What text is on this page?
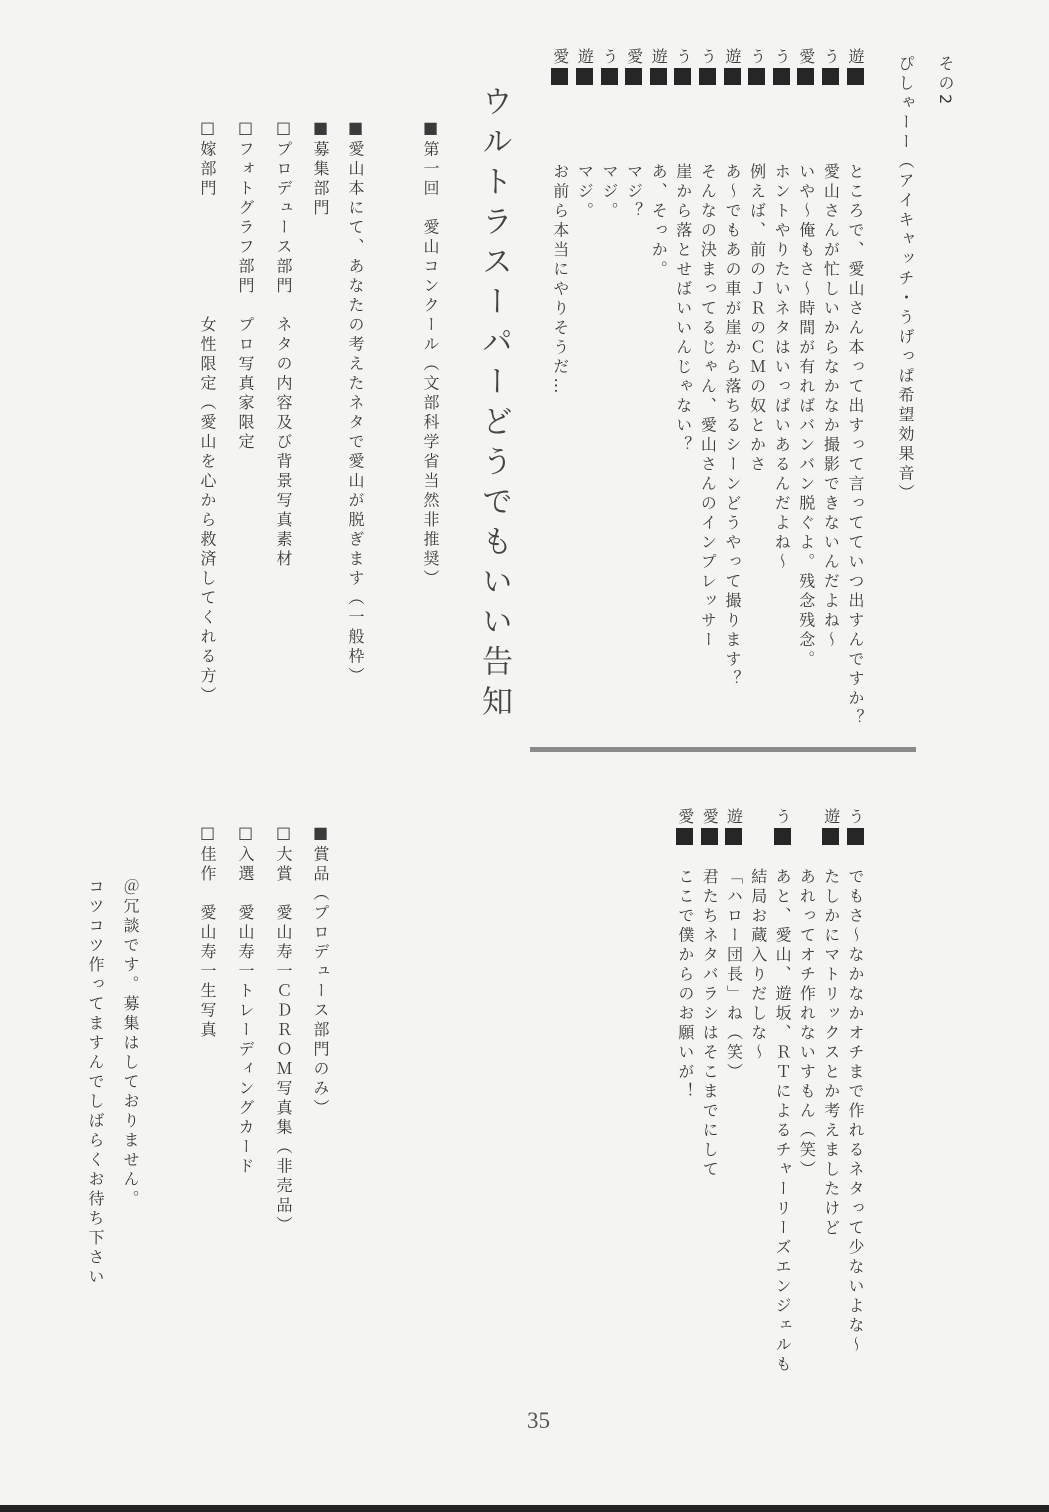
その2
ぴしゃーー（アイキャッチ・うげっぱ希望効果音）
遊
ところで、愛山さん本って出すって言ってていつ出すんですか？
う
愛山さんが忙しいからなかなか撮影できないんだよね～
愛
いや～俺もさ～時間が有ればバンバン脱ぐよ。残念残念。
う
ホントやりたいネタはいっぱいあるんだよね～
う
例えば、前のＪＲのＣＭの奴とかさ
遊
あ～でもあの車が崖から落ちるシーンどうやって撮ります？
う
そんなの決まってるじゃん、愛山さんのインプレッサー
う
崖から落とせばいいんじゃない？
遊
あ、そっか。
愛
マジ？
う
マジ。
遊
マジ。
愛
お前ら本当にやりそうだ…
う
でもさ～なかなかオチまで作れるネタって少ないよな～
遊
たしかにマトリックスとか考えましたけど
あれってオチ作れないすもん（笑）
う
あと、愛山、遊坂、ＲＴによるチャーリーズエンジェルも
結局お蔵入りだしな～
遊
「ハロー団長」ね（笑）
愛
君たちネタバラシはそこまでにして
愛
ここで僕からのお願いが！
ウルトラスーパーどうでもいい告知
■第一回　愛山コンクール（文部科学省当然非推奨）
■愛山本にて、あなたの考えたネタで愛山が脱ぎます（一般枠）
■募集部門
□プロデュース部門　ネタの内容及び背景写真素材
□フォトグラフ部門　プロ写真家限定
□嫁部門　　　　　　女性限定（愛山を心から救済してくれる方）
■賞品（プロデュース部門のみ）
□大賞　愛山寿一ＣＤＲＯＭ写真集（非売品）
□入選　愛山寿一トレーディングカード
□佳作　愛山寿一生写真
＠冗談です。募集はしておりません。
コツコツ作ってますんでしばらくお待ち下さい
35
